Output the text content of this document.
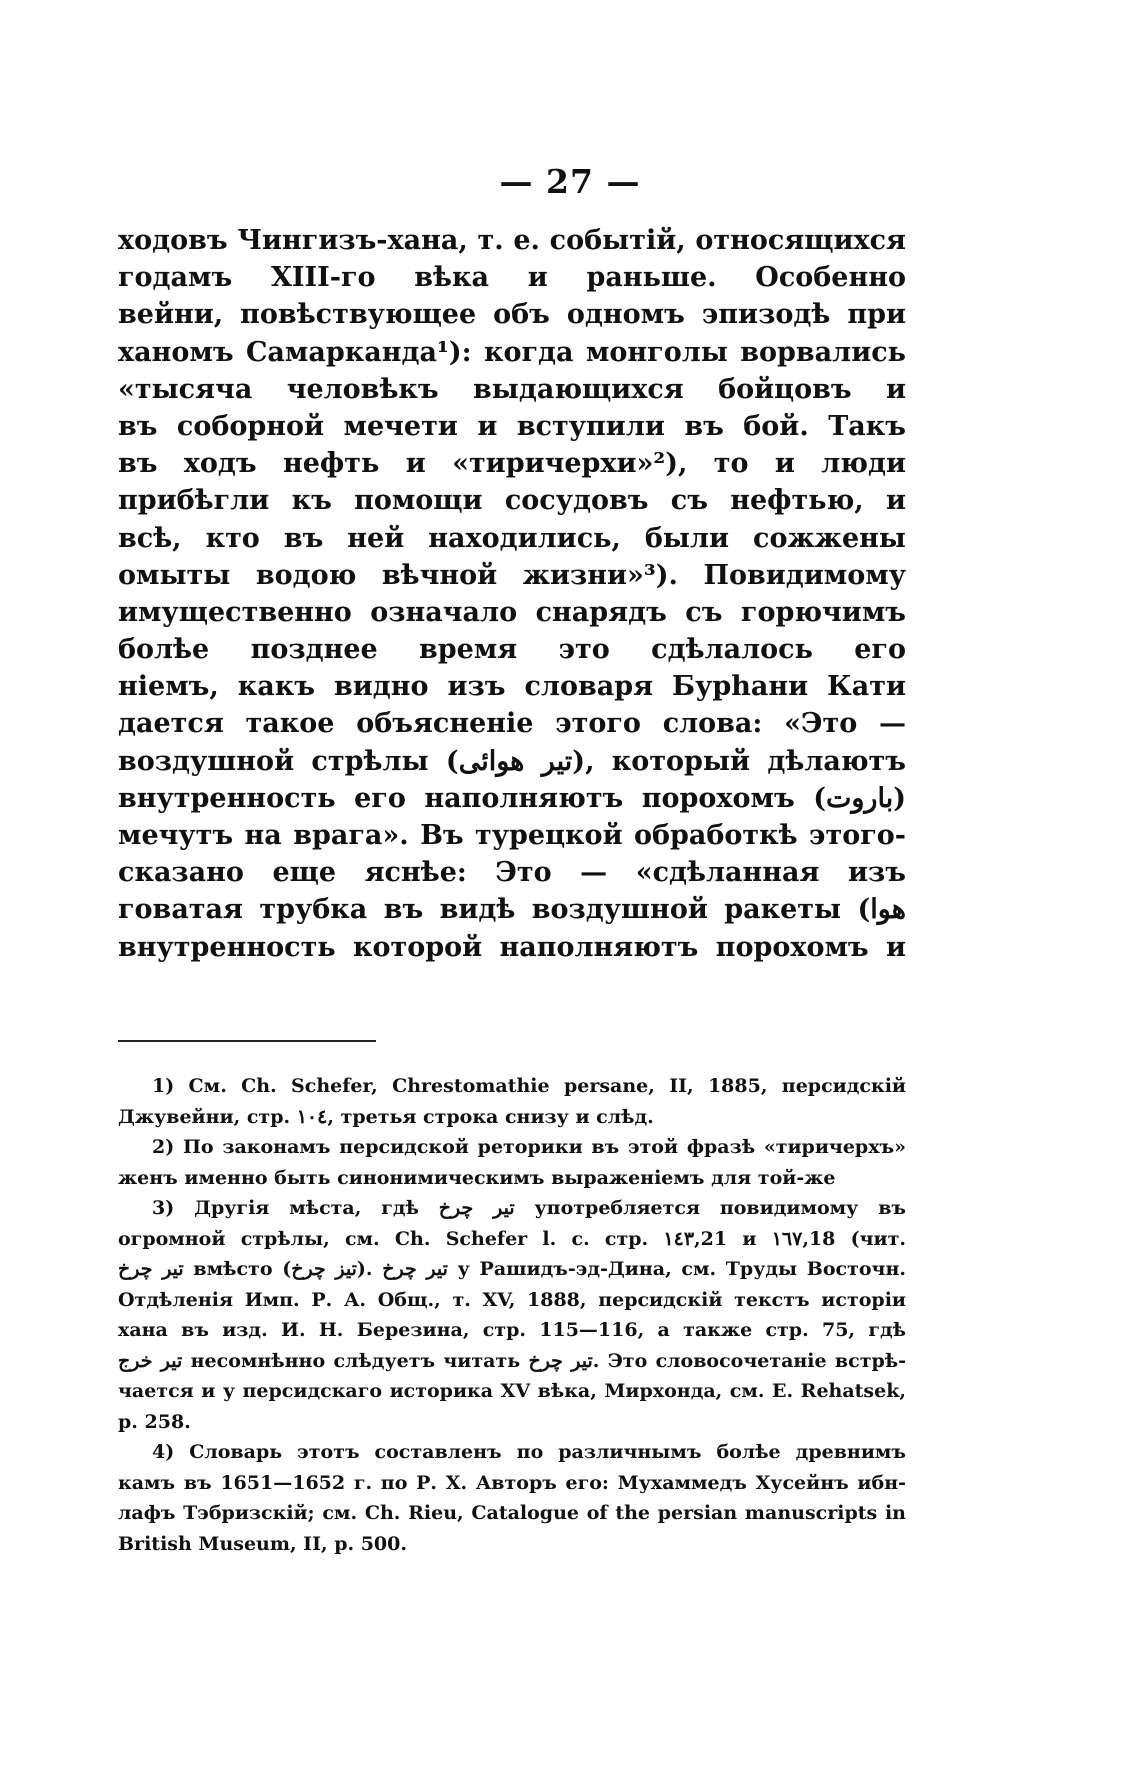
— 27 —
ходовъ Чингизъ-хана, т. е. событій, относящихся
годамъ XIII-го вѣка и раньше. Особенно
вейни, повѣствующее объ одномъ эпизодѣ при
ханомъ Самарканда¹): когда монголы ворвались
«тысяча человѣкъ выдающихся бойцовъ и
въ соборной мечети и вступили въ бой. Такъ
въ ходъ нефть и «тиричерхи»²), то и люди
прибѣгли къ помощи сосудовъ съ нефтью, и
всѣ, кто въ ней находились, были сожжены
омыты водою вѣчной жизни»³). Повидимому
имущественно означало снарядъ съ горючимъ
болѣе позднее время это сдѣлалось его
ніемъ, какъ видно изъ словаря Бурһани Кати
дается такое объясненіе этого слова: «Это —
воздушной стрѣлы (تیر هوائی), который дѣлаютъ
внутренность его наполняютъ порохомъ (باروت)
мечутъ на врага». Въ турецкой обработкѣ этого-
сказано еще яснѣе: Это — «сдѣланная изъ
говатая трубка въ видѣ воздушной ракеты (هوا
внутренность которой наполняютъ порохомъ и
1) См. Ch. Schefer, Chrestomathie persane, II, 1885, персидскій
Джувейни, стр. ١٠٤, третья строка снизу и слѣд.
2) По законамъ персидской реторики въ этой фразѣ «тиричерхъ»
женъ именно быть синонимическимъ выраженіемъ для той-же
3) Другія мѣста, гдѣ تیر چرخ употребляется повидимому въ
огромной стрѣлы, см. Ch. Schefer l. c. стр. ١٤٣,21 и ١٦٧,18 (чит.
تیر چرخ вмѣсто (تیز چرخ). تیر چرخ у Рашидъ-эд-Дина, см. Труды Восточн.
Отдѣленія Имп. Р. А. Общ., т. XV, 1888, персидскій текстъ исторіи
хана въ изд. И. Н. Березина, стр. 115—116, а также стр. 75, гдѣ
تیر خرج несомнѣнно слѣдуетъ читать تیر چرخ. Это словосочетаніе встрѣ-
чается и у персидскаго историка XV вѣка, Мирхонда, см. E. Rehatsek,
p. 258.
4) Словарь этотъ составленъ по различнымъ болѣе древнимъ
камъ въ 1651—1652 г. по Р. Х. Авторъ его: Мухаммедъ Хусейнъ ибн-
лафъ Тэбризскій; см. Ch. Rieu, Catalogue of the persian manuscripts in
British Museum, II, p. 500.
